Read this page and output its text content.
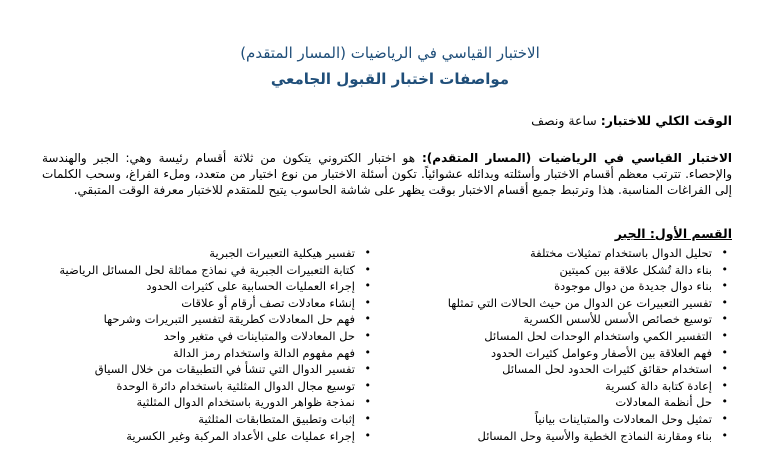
الاختبار القياسي في الرياضيات (المسار المتقدم)
مواصفات اختبار القبول الجامعي
الوقت الكلي للاختبار: ساعة ونصف
الاختبار القياسي في الرياضيات (المسار المتقدم): هو اختبار الكتروني يتكون من ثلاثة أقسام رئيسة وهي: الجبر والهندسة والإحصاء. تترتب معظم أقسام الاختبار وأسئلته وبدائله عشوائياً. تكون أسئلة الاختبار من نوع اختيار من متعدد، وملء الفراغ، وسحب الكلمات إلى الفراغات المناسبة. هذا وترتبط جميع أقسام الاختبار بوقت يظهر على شاشة الحاسوب يتيح للمتقدم للاختبار معرفة الوقت المتبقي.
القسم الأول: الجبر
•
تحليل الدوال باستخدام تمثيلات مختلفة
•
بناء دالة تُشكل علاقة بين كميتين
•
بناء دوال جديدة من دوال موجودة
•
تفسير التعبيرات عن الدوال من حيث الحالات التي تمثلها
•
توسيع خصائص الأسس للأسس الكسرية
•
التفسير الكمي واستخدام الوحدات لحل المسائل
•
فهم العلاقة بين الأصفار وعوامل كثيرات الحدود
•
استخدام حقائق كثيرات الحدود لحل المسائل
•
إعادة كتابة دالة كسرية
•
حل أنظمة المعادلات
•
تمثيل وحل المعادلات والمتباينات بيانياً
•
بناء ومقارنة النماذج الخطية والأسية وحل المسائل
•
تفسير هيكلية التعبيرات الجبرية
•
كتابة التعبيرات الجبرية في نماذج مماثلة لحل المسائل الرياضية
•
إجراء العمليات الحسابية على كثيرات الحدود
•
إنشاء معادلات تصف أرقام أو علاقات
•
فهم حل المعادلات كطريقة لتفسير التبريرات وشرحها
•
حل المعادلات والمتباينات في متغير واحد
•
فهم مفهوم الدالة واستخدام رمز الدالة
•
تفسير الدوال التي تنشأ في التطبيقات من خلال السياق
•
توسيع مجال الدوال المثلثية باستخدام دائرة الوحدة
•
نمذجة ظواهر الدورية باستخدام الدوال المثلثية
•
إثبات وتطبيق المتطابقات المثلثية
•
إجراء عمليات على الأعداد المركبة وغير الكسرية
